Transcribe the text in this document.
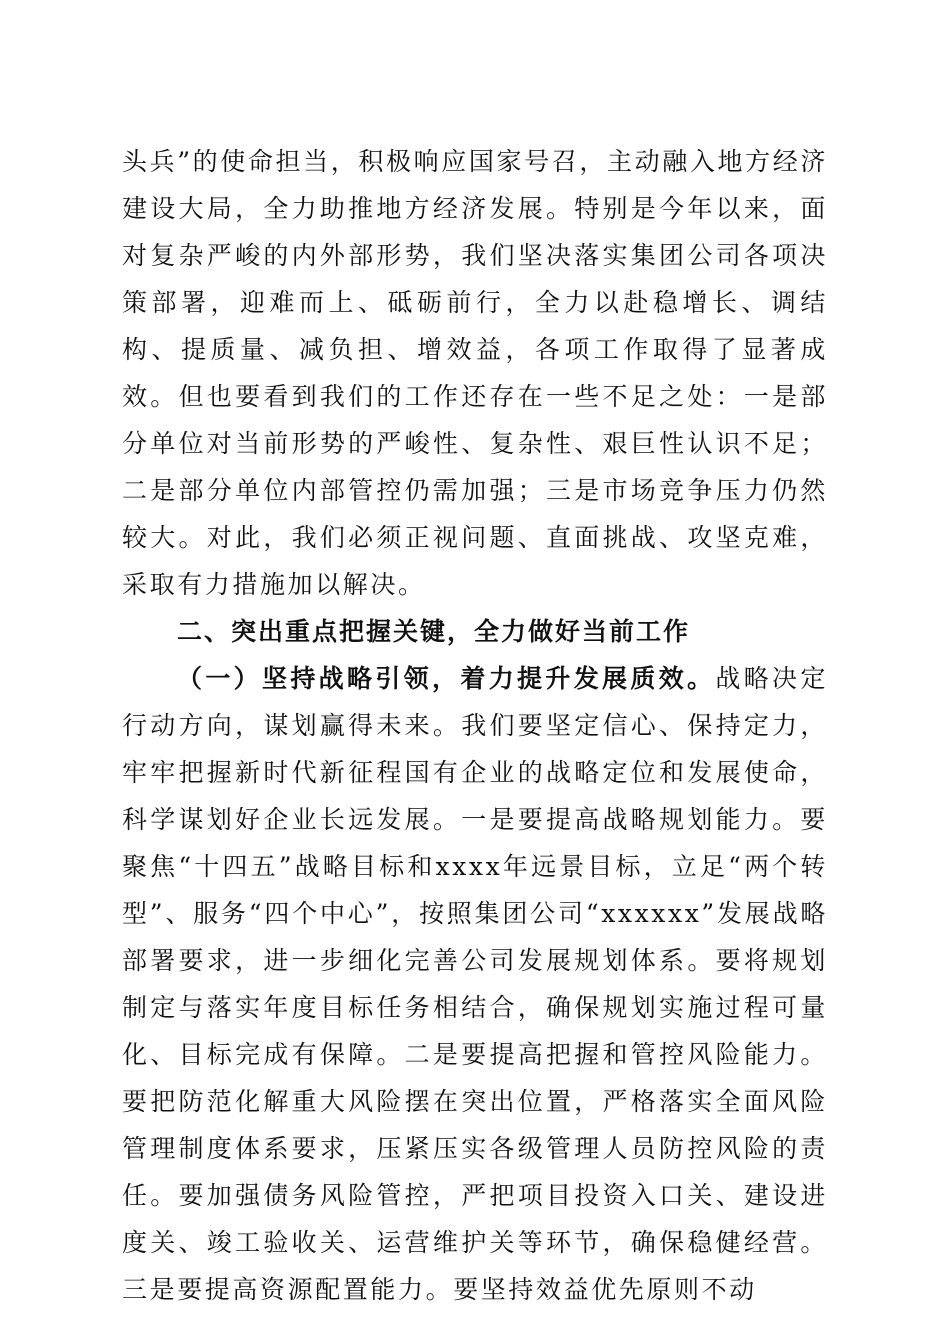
头兵”的使命担当，积极响应国家号召，主动融入地方经济建设大局，全力助推地方经济发展。特别是今年以来，面对复杂严峻的内外部形势，我们坚决落实集团公司各项决策部署，迎难而上、砥砺前行，全力以赴稳增长、调结构、提质量、减负担、增效益，各项工作取得了显著成效。但也要看到我们的工作还存在一些不足之处：一是部分单位对当前形势的严峻性、复杂性、艰巨性认识不足；二是部分单位内部管控仍需加强；三是市场竞争压力仍然较大。对此，我们必须正视问题、直面挑战、攻坚克难，采取有力措施加以解决。

二、突出重点把握关键，全力做好当前工作

（一）坚持战略引领，着力提升发展质效。战略决定行动方向，谋划赢得未来。我们要坚定信心、保持定力，牢牢把握新时代新征程国有企业的战略定位和发展使命，科学谋划好企业长远发展。一是要提高战略规划能力。要聚焦“十四五”战略目标和xxxx年远景目标，立足“两个转型”、服务“四个中心”，按照集团公司“xxxxxx”发展战略部署要求，进一步细化完善公司发展规划体系。要将规划制定与落实年度目标任务相结合，确保规划实施过程可量化、目标完成有保障。二是要提高把握和管控风险能力。要把防范化解重大风险摆在突出位置，严格落实全面风险管理制度体系要求，压紧压实各级管理人员防控风险的责任。要加强债务风险管控，严把项目投资入口关、建设进度关、竣工验收关、运营维护关等环节，确保稳健经营。三是要提高资源配置能力。要坚持效益优先原则不动
